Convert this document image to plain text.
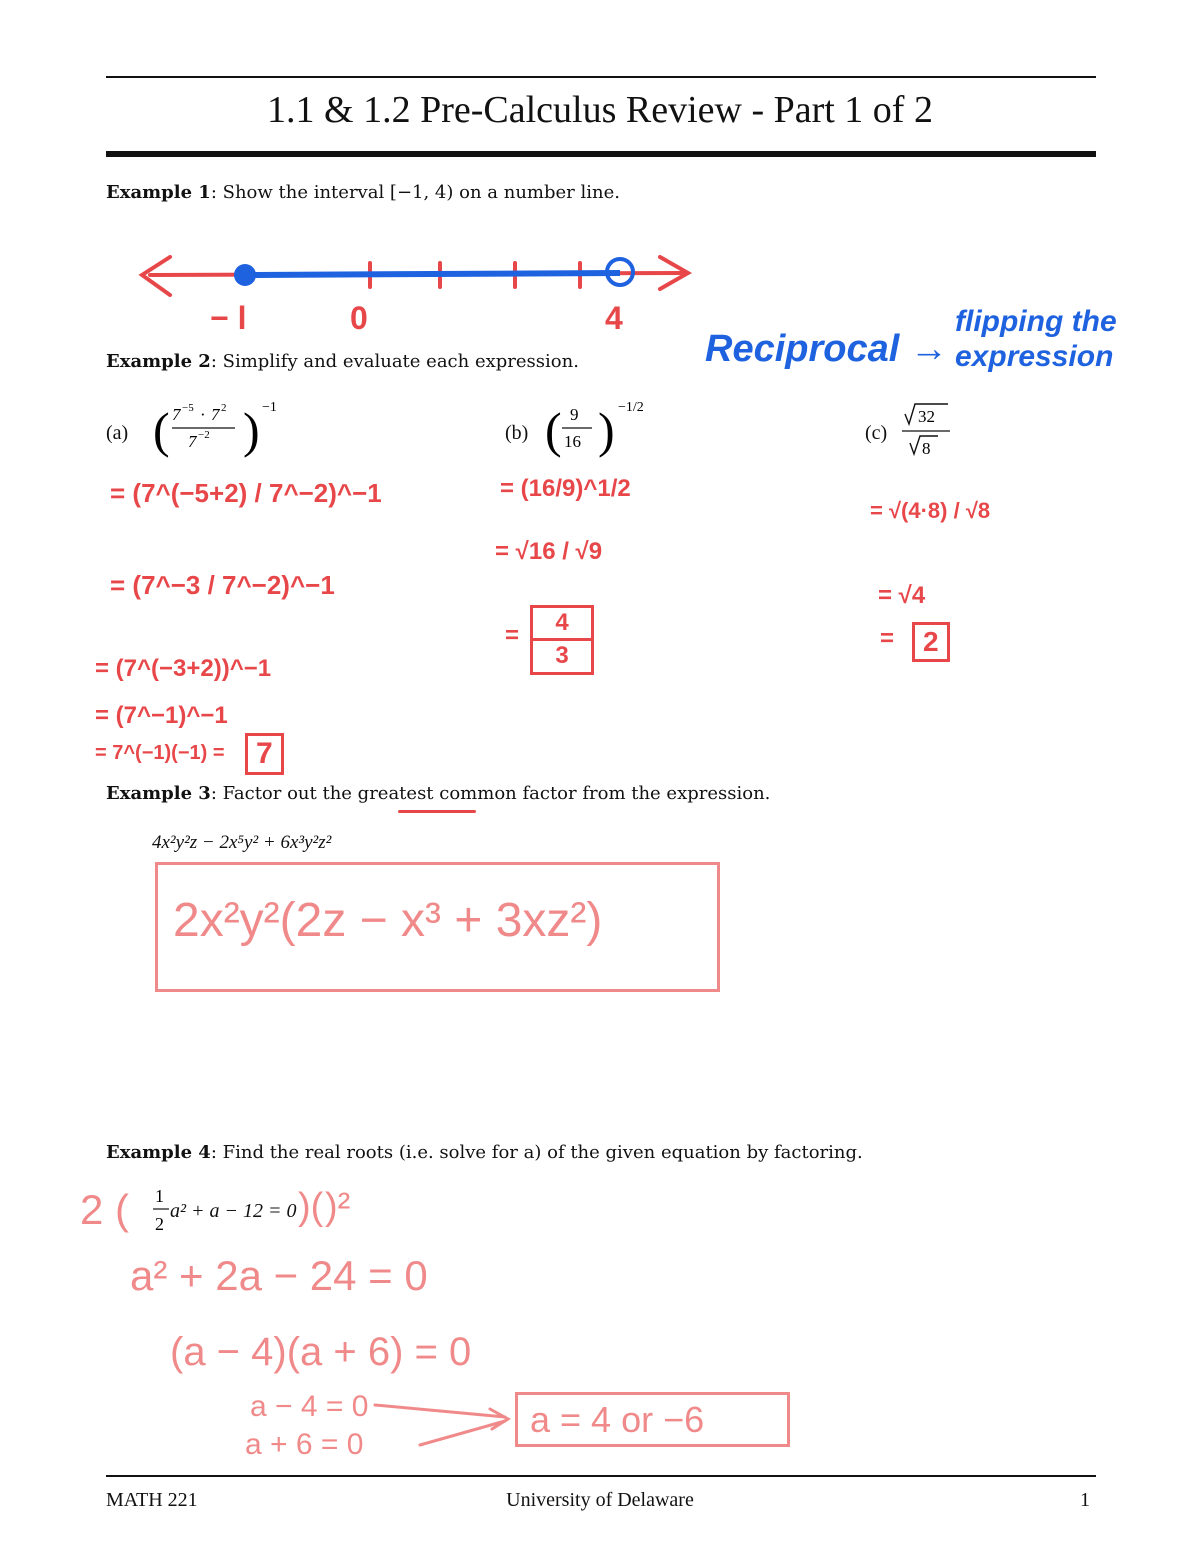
1.1 & 1.2 Pre-Calculus Review - Part 1 of 2
Example 1: Show the interval [−1, 4) on a number line.
− l	0	4
Reciprocal →
flipping the
expression
Example 2: Simplify and evaluate each expression.
(a) ( 7 −5 · 7 2
7 −2 ) −1
= (7^(−5+2) / 7^−2)^−1
= (7^−3 / 7^−2)^−1
= (7^(−3+2))^−1
= (7^−1)^−1
= 7^(−1)(−1) =	7
(b) ( 9
16 ) −1/2
= (16/9)^1/2
= √16 / √9
= $\frac{4}{3}$
(c)
32
8
= √(4·8) / √8
= √4
=	2
Example 3: Factor out the greatest common factor from the expression.
4x²y²z − 2x⁵y² + 6x³y²z²
2x²y²(2z − x³ + 3xz²)
Example 4: Find the real roots (i.e. solve for a) of the given equation by factoring.
2 ( 1
2
a² + a − 12 = 0 )( )²
a² + 2a − 24 = 0
(a − 4)(a + 6) = 0
a − 4 = 0
a + 6 = 0
a = 4 or −6
MATH 221	University of Delaware	1
